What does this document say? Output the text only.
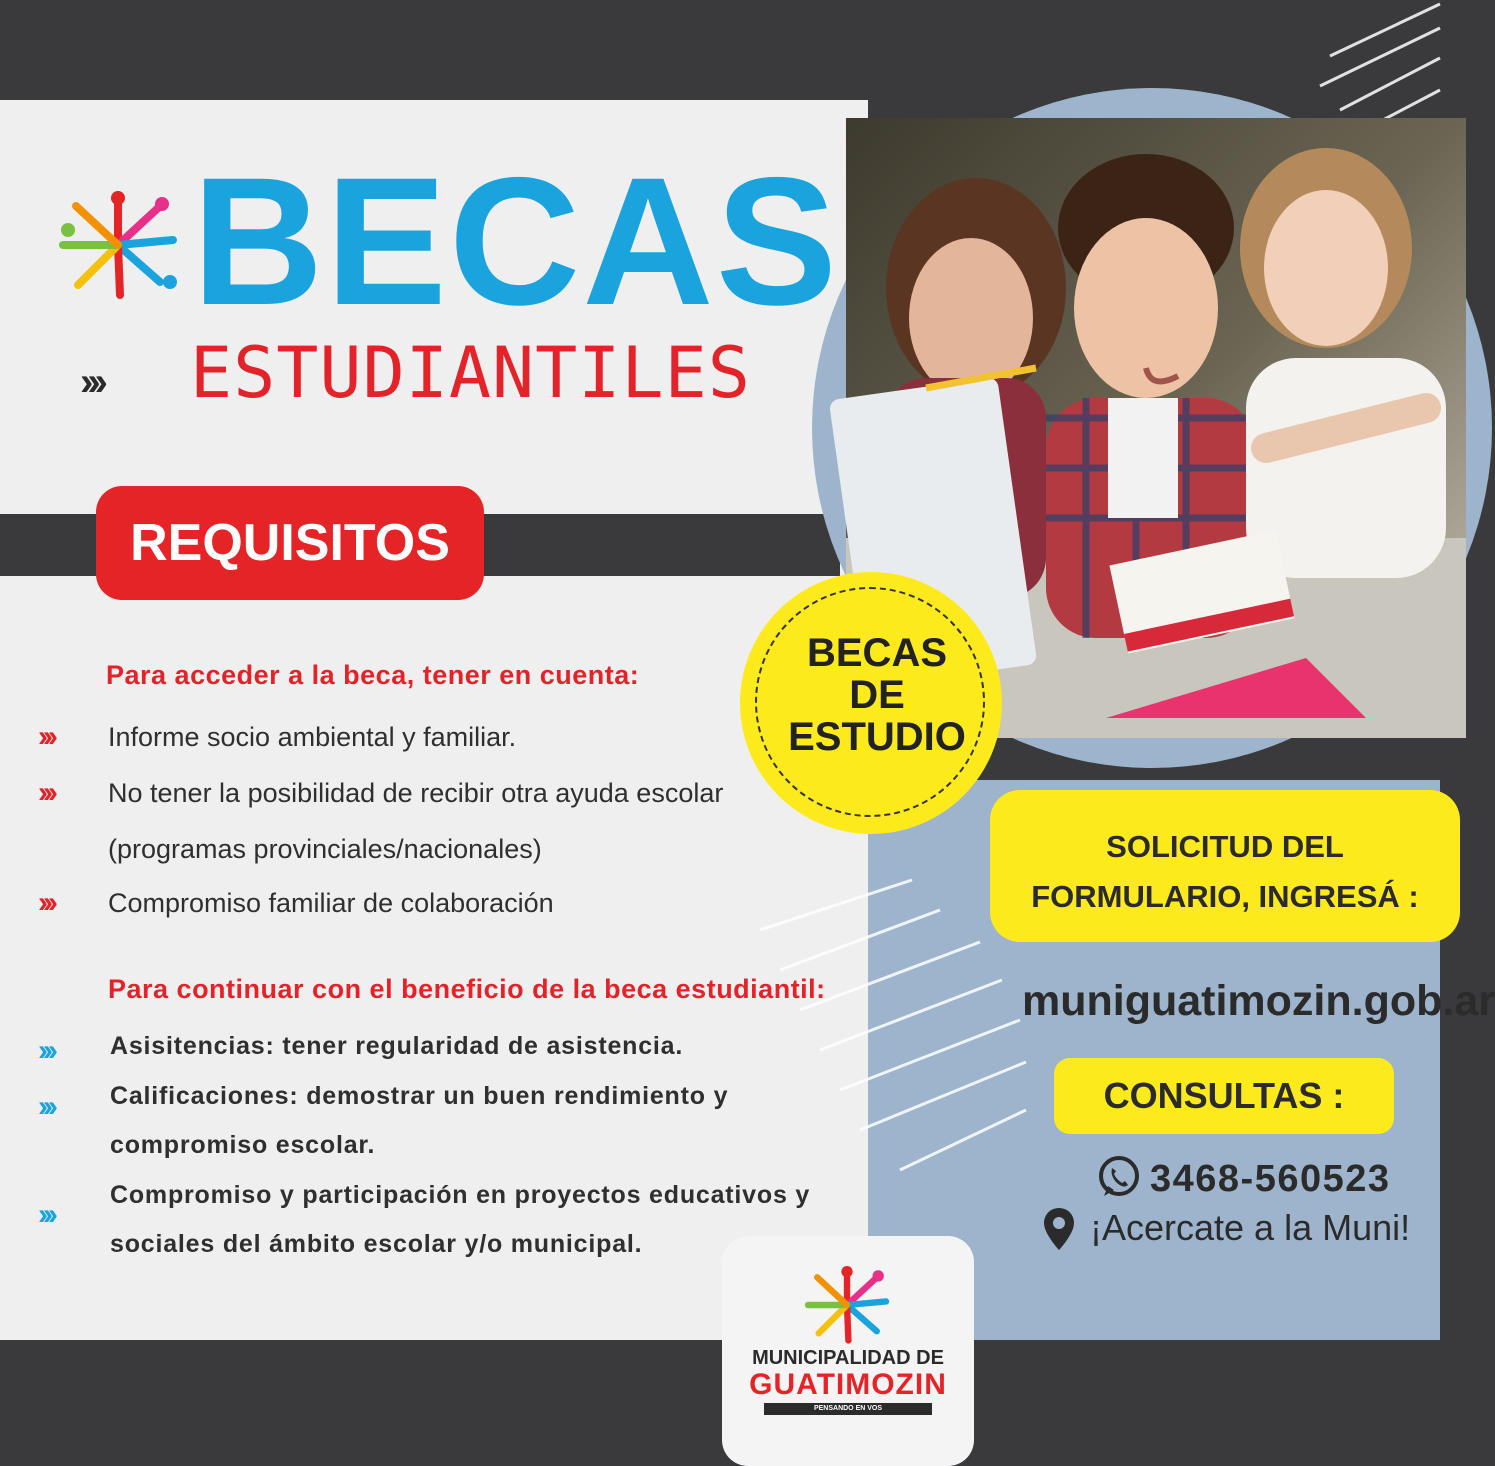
BECAS
››› ESTUDIANTILES
REQUISITOS
Para acceder a la beca, tener en cuenta:
››› Informe socio ambiental y familiar.
››› No tener la posibilidad de recibir otra ayuda escolar
(programas provinciales/nacionales)
››› Compromiso familiar de colaboración
Para continuar con el beneficio de la beca estudiantil:
››› Asisitencias: tener regularidad de asistencia.
››› Calificaciones: demostrar un buen rendimiento y
compromiso escolar.
›››
Compromiso y participación en proyectos educativos y
sociales del ámbito escolar y/o municipal.
BECAS
DE
ESTUDIO
SOLICITUD DEL
FORMULARIO, INGRESÁ :
muniguatimozin.gob.ar
CONSULTAS :
3468-560523
¡Acercate a la Muni!
MUNICIPALIDAD DE
GUATIMOZIN
PENSANDO EN VOS
